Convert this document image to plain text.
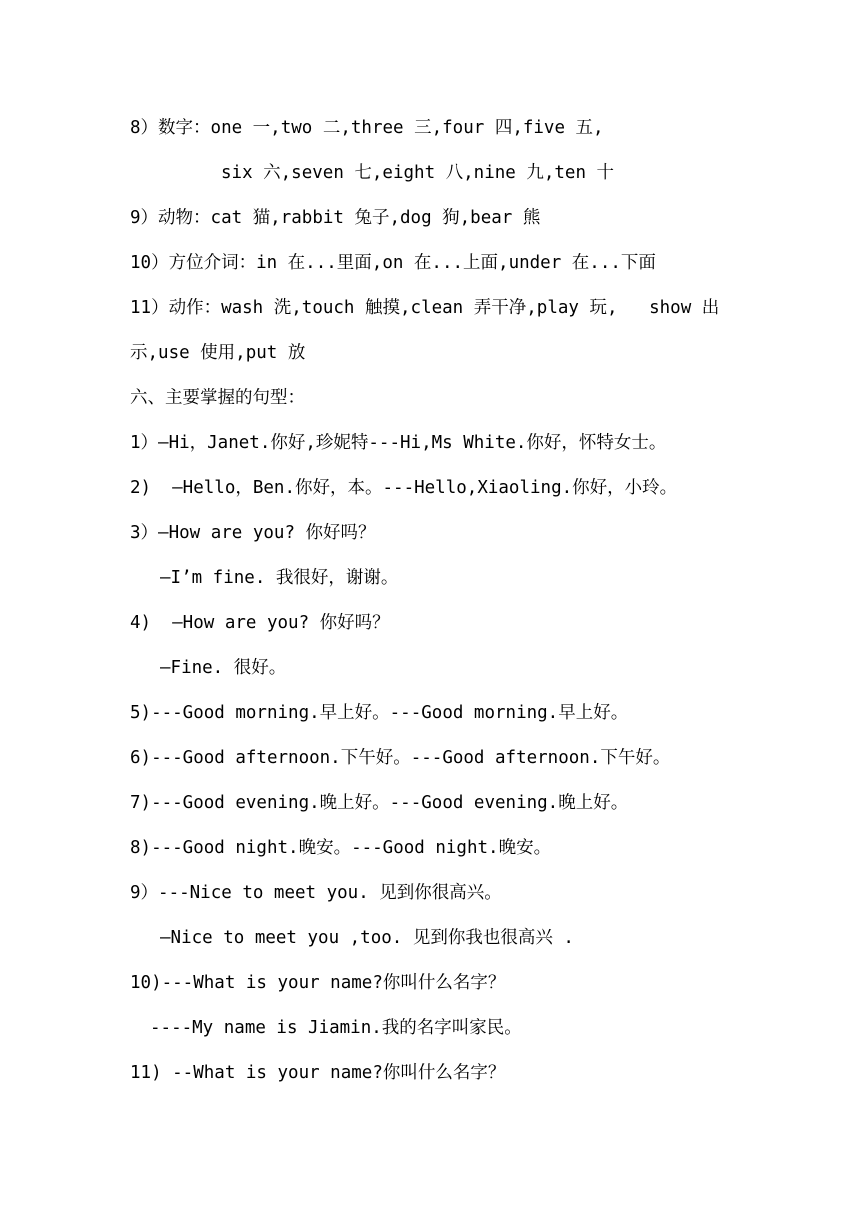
8）数字：one 一,two 二,three 三,four 四,five 五,
six 六,seven 七,eight 八,nine 九,ten 十
9）动物：cat 猫,rabbit 兔子,dog 狗,bear 熊
10）方位介词：in 在...里面,on 在...上面,under 在...下面
11）动作：wash 洗,touch 触摸,clean 弄干净,play 玩,   show 出
示,use 使用,put 放
六、主要掌握的句型：
1）—Hi，Janet.你好,珍妮特---Hi,Ms White.你好，怀特女士。
2)  —Hello，Ben.你好，本。---Hello,Xiaoling.你好，小玲。
3）—How are you? 你好吗？
—I’m fine. 我很好，谢谢。
4)  —How are you? 你好吗？
—Fine. 很好。
5)---Good morning.早上好。---Good morning.早上好。
6)---Good afternoon.下午好。---Good afternoon.下午好。
7)---Good evening.晚上好。---Good evening.晚上好。
8)---Good night.晚安。---Good night.晚安。
9）---Nice to meet you. 见到你很高兴。
—Nice to meet you ,too. 见到你我也很高兴 .
10)---What is your name?你叫什么名字？
----My name is Jiamin.我的名字叫家民。
11) --What is your name?你叫什么名字？
